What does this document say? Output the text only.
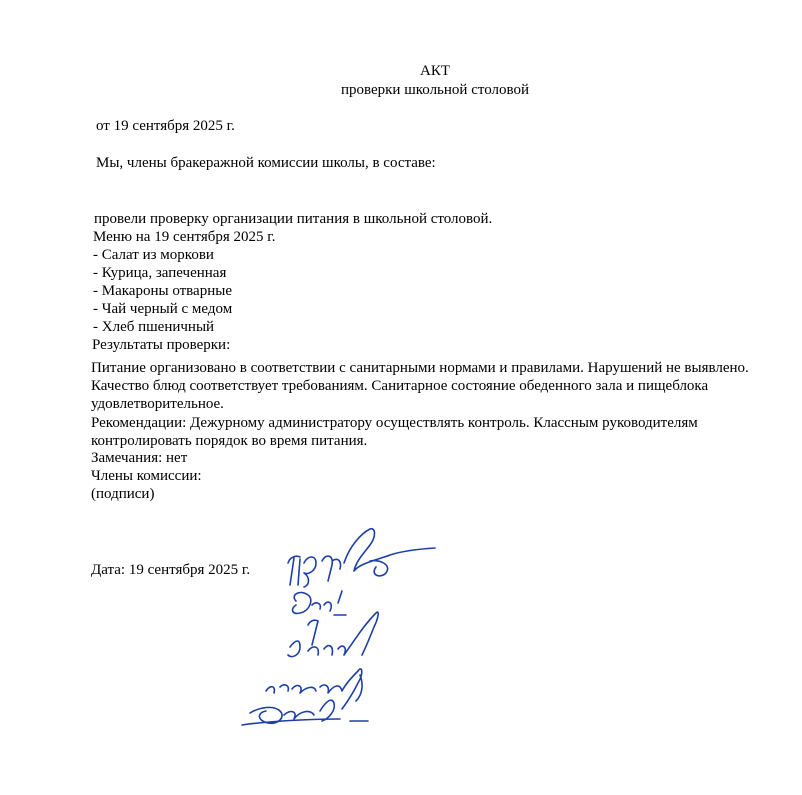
АКТ
проверки школьной столовой
от 19 сентября 2025 г.
Мы, члены бракеражной комиссии школы, в составе:
провели проверку организации питания в школьной столовой.
Меню на 19 сентября 2025 г.
- Салат из моркови
- Курица, запеченная
- Макароны отварные
- Чай черный с медом
- Хлеб пшеничный
Результаты проверки:
Питание организовано в соответствии с санитарными нормами и правилами. Нарушений не выявлено. Качество блюд соответствует требованиям. Санитарное состояние обеденного зала и пищеблока удовлетворительное.
Рекомендации: Дежурному администратору осуществлять контроль. Классным руководителям контролировать порядок во время питания.
Замечания: нет
Члены комиссии:
(подписи)
Дата: 19 сентября 2025 г.
